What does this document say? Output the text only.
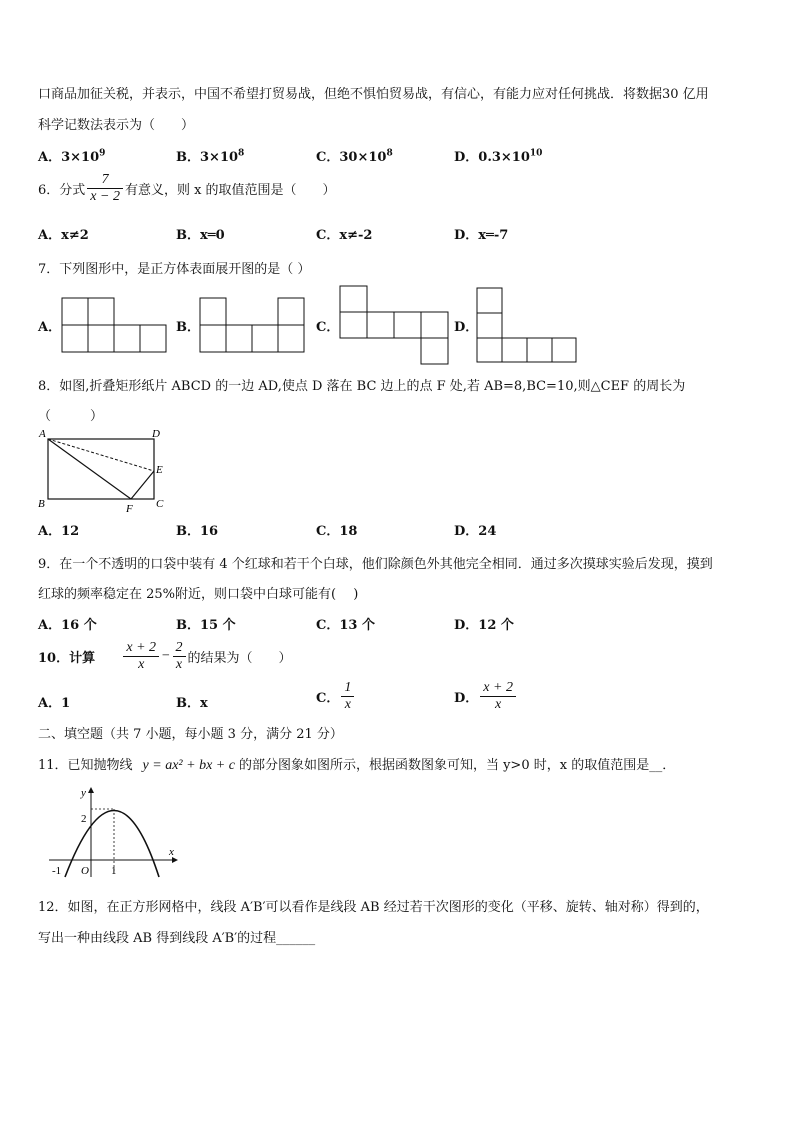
口商品加征关税，并表示，中国不希望打贸易战，但绝不惧怕贸易战，有信心，有能力应对任何挑战．将数据30 亿用
科学记数法表示为（　　）
A．$3\times 10^9$	B．$3\times 10^8$	C．$30\times 10^8$	D．$0.3\times 10^{10}$
6．分式 $\frac{7}{x - 2}$ 有意义，则 x 的取值范围是（　　）
A．x≠2	B．x═0	C．x≠-2	D．x═-7
7．下列图形中，是正方体表面展开图的是（ ）
A．	B．	C．	D．
8．如图,折叠矩形纸片 ABCD 的一边 AD,使点 D 落在 BC 边上的点 F 处,若 AB=8,BC=10,则△CEF 的周长为
（　　　）
A	D
B	C
E
F
A．12	B．16	C．18	D．24
9．在一个不透明的口袋中装有 4 个红球和若干个白球，他们除颜色外其他完全相同．通过多次摸球实验后发现，摸到
红球的频率稳定在 25%附近，则口袋中白球可能有(　 )
A．16 个	B．15 个	C．13 个	D．12 个
10．计算 $\frac{x + 2}{x} - \frac{2}{x}$ 的结果为（　　）
A．1	B．x	C． $\frac{1}{x}$	D． $\frac{x + 2}{x}$
二、填空题（共 7 小题，每小题 3 分，满分 21 分）
11．已知抛物线 y = ax² + bx + c 的部分图象如图所示，根据函数图象可知，当 y>0 时，x 的取值范围是__．
y
x
2
-1 O 1
12．如图，在正方形网格中，线段 A′B′可以看作是线段 AB 经过若干次图形的变化（平移、旋转、轴对称）得到的，
写出一种由线段 AB 得到线段 A′B′的过程______
